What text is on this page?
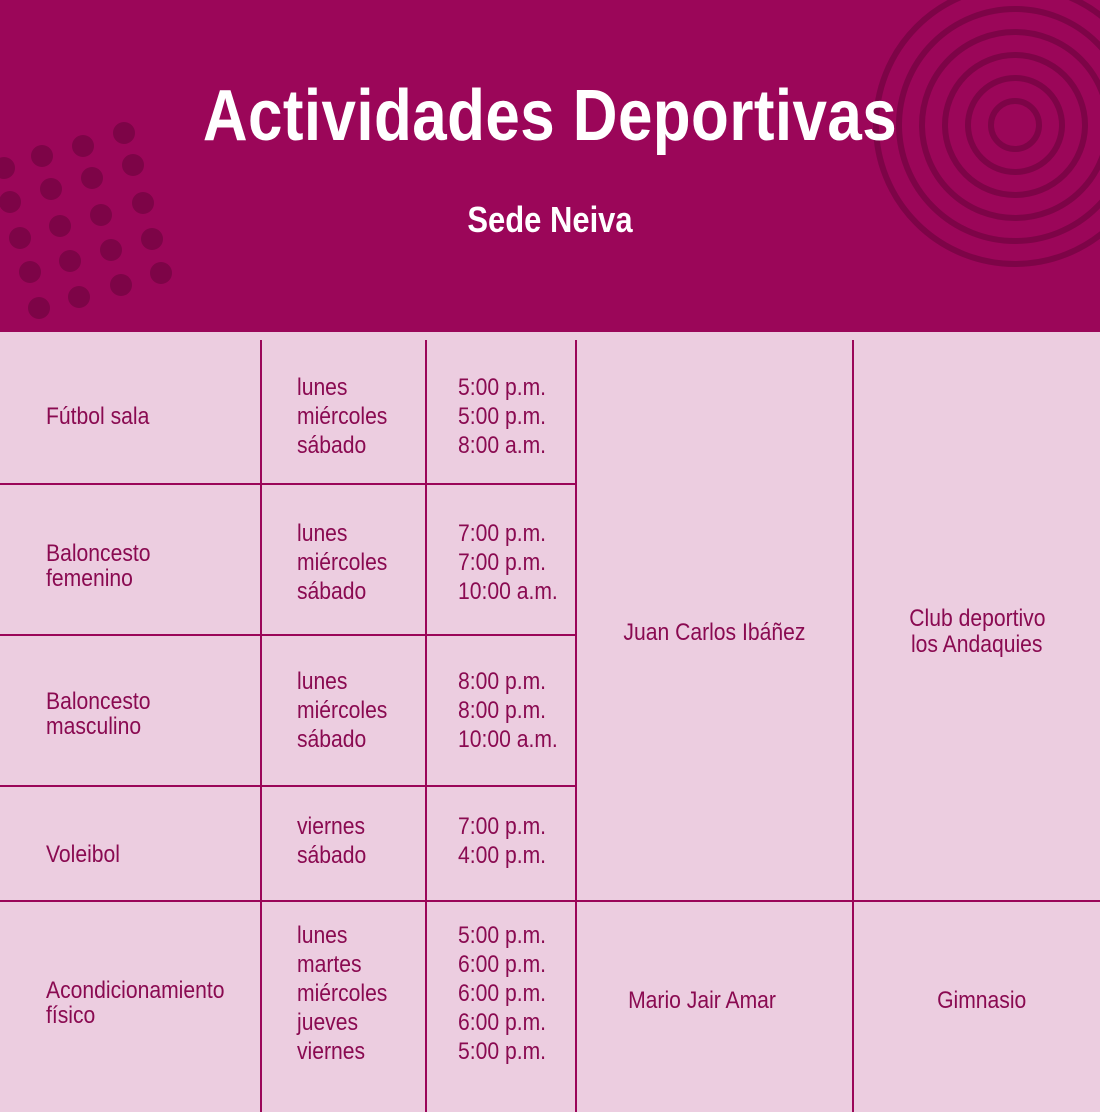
Actividades Deportivas
Sede Neiva
Fútbol sala
lunes
miércoles
sábado
5:00 p.m.
5:00 p.m.
8:00 a.m.
Baloncesto
femenino
lunes
miércoles
sábado
7:00 p.m.
7:00 p.m.
10:00 a.m.
Baloncesto
masculino
lunes
miércoles
sábado
8:00 p.m.
8:00 p.m.
10:00 a.m.
Voleibol
viernes
sábado
7:00 p.m.
4:00 p.m.
Juan Carlos Ibáñez
Club deportivo
los Andaquies
Acondicionamiento
físico
lunes
martes
miércoles
jueves
viernes
5:00 p.m.
6:00 p.m.
6:00 p.m.
6:00 p.m.
5:00 p.m.
Mario Jair Amar	Gimnasio
